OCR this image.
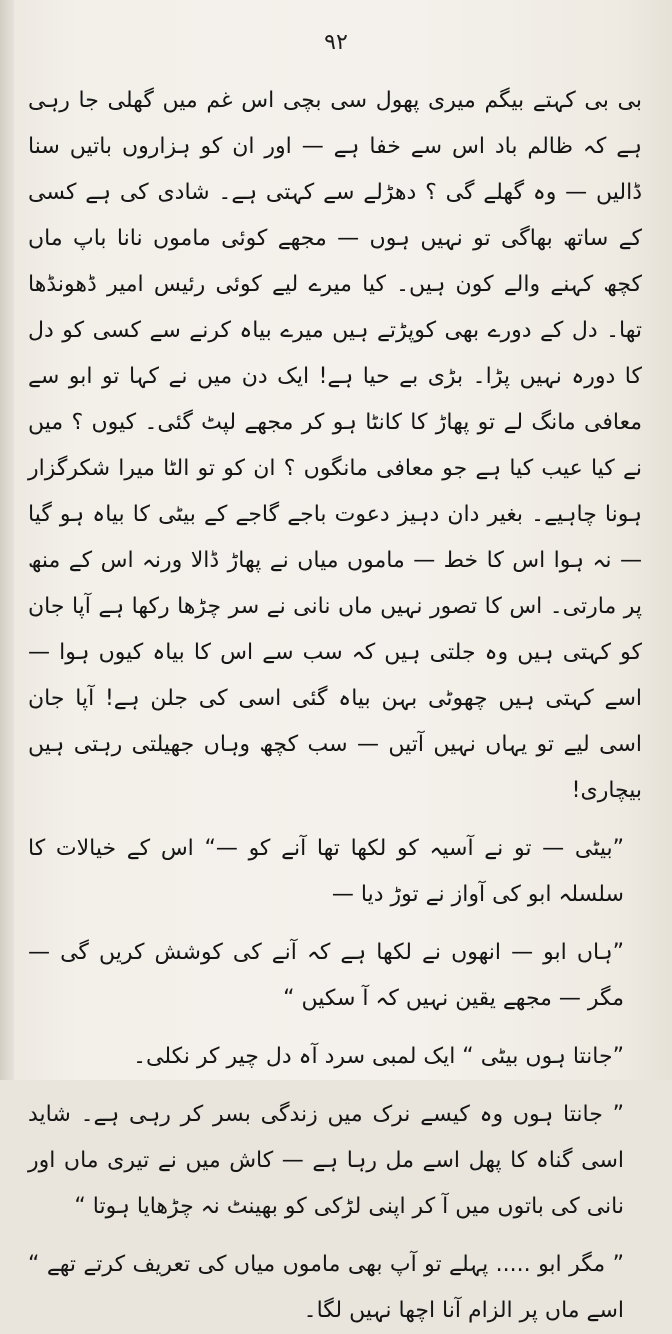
٩٢

بی بی کہتے بیگم میری پھول سی بچی اس غم میں گھلی جا رہی ہے کہ ظالم باد اس سے خفا ہے — اور ان کو ہزاروں باتیں سنا ڈالیں — وہ گھلے گی ؟ دھڑلے سے کہتی ہے۔ شادی کی ہے کسی کے ساتھ بھاگی تو نہیں ہوں — مجھے کوئی ماموں نانا باپ ماں کچھ کہنے والے کون ہیں۔ کیا میرے لیے کوئی رئیس امیر ڈھونڈھا تھا۔ دل کے دورے بھی کوپڑتے ہیں میرے بیاہ کرنے سے کسی کو دل کا دورہ نہیں پڑا۔ بڑی بے حیا ہے! ایک دن میں نے کہا تو ابو سے معافی مانگ لے تو پھاڑ کا کانٹا ہو کر مجھے لپٹ گئی۔ کیوں ؟ میں نے کیا عیب کیا ہے جو معافی مانگوں ؟ ان کو تو الٹا میرا شکرگزار ہونا چاہیے۔ بغیر دان دہیز دعوت باجے گاجے کے بیٹی کا بیاہ ہو گیا — نہ ہوا اس کا خط — ماموں میاں نے پھاڑ ڈالا ورنہ اس کے منھ پر مارتی۔ اس کا تصور نہیں ماں نانی نے سر چڑھا رکھا ہے آپا جان کو کہتی ہیں وہ جلتی ہیں کہ سب سے اس کا بیاہ کیوں ہوا — اسے کہتی ہیں چھوٹی بہن بیاہ گئی اسی کی جلن ہے! آپا جان اسی لیے تو یہاں نہیں آتیں — سب کچھ وہاں جھیلتی رہتی ہیں بیچاری!

”بیٹی — تو نے آسیہ کو لکھا تھا آنے کو —“ اس کے خیالات کا سلسلہ ابو کی آواز نے توڑ دیا —

”ہاں ابو — انھوں نے لکھا ہے کہ آنے کی کوشش کریں گی — مگر — مجھے یقین نہیں کہ آ سکیں “

”جانتا ہوں بیٹی “ ایک لمبی سرد آہ دل چیر کر نکلی۔

” جانتا ہوں وہ کیسے نرک میں زندگی بسر کر رہی ہے۔ شاید اسی گناہ کا پھل اسے مل رہا ہے — کاش میں نے تیری ماں اور نانی کی باتوں میں آ کر اپنی لڑکی کو بھینٹ نہ چڑھایا ہوتا “

” مگر ابو ..... پہلے تو آپ بھی ماموں میاں کی تعریف کرتے تھے “ اسے ماں پر الزام آنا اچھا نہیں لگا۔
